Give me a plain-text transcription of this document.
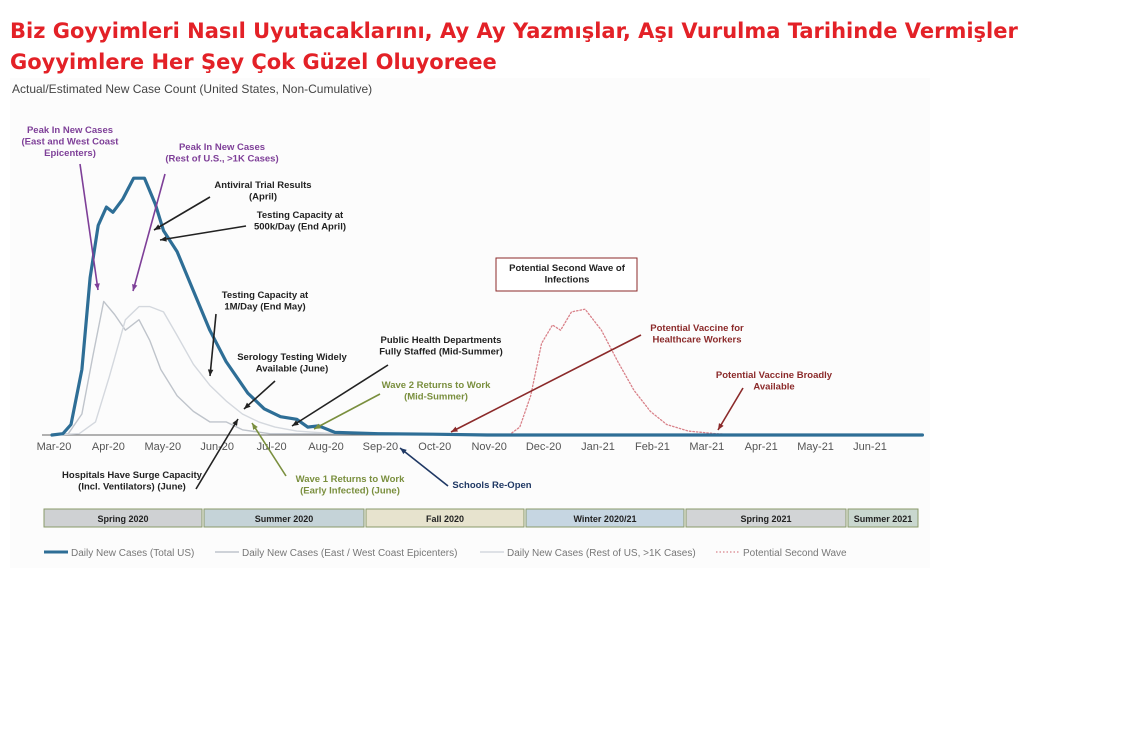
Biz Goyyimleri Nasıl Uyutacaklarını, Ay Ay Yazmışlar, Aşı Vurulma Tarihinde Vermişler
Goyyimlere Her Şey Çok Güzel Oluyoreee
Actual/Estimated New Case Count (United States, Non-Cumulative)
Mar-20 Apr-20 May-20 Jun-20 Jul-20 Aug-20 Sep-20 Oct-20 Nov-20 Dec-20 Jan-21 Feb-21 Mar-21 Apr-21 May-21 Jun-21
Peak In New Cases
(East and West Coast
Epicenters)
Peak In New Cases
(Rest of U.S., >1K Cases)
Antiviral Trial Results
(April)
Testing Capacity at
500k/Day (End April)
Testing Capacity at
1M/Day (End May)
Serology Testing Widely
Available (June)
Public Health Departments
Fully Staffed (Mid-Summer)
Wave 2 Returns to Work
(Mid-Summer)
Potential Second Wave of
Infections
Potential Vaccine for
Healthcare Workers
Potential Vaccine Broadly
Available
Hospitals Have Surge Capacity
(Incl. Ventilators) (June)
Wave 1 Returns to Work
(Early Infected) (June)	Schools Re-Open
Spring 2020	Summer 2020	Fall 2020	Winter 2020/21	Spring 2021	Summer 2021
Daily New Cases (Total US)	Daily New Cases (East / West Coast Epicenters)	Daily New Cases (Rest of US, >1K Cases)	Potential Second Wave
